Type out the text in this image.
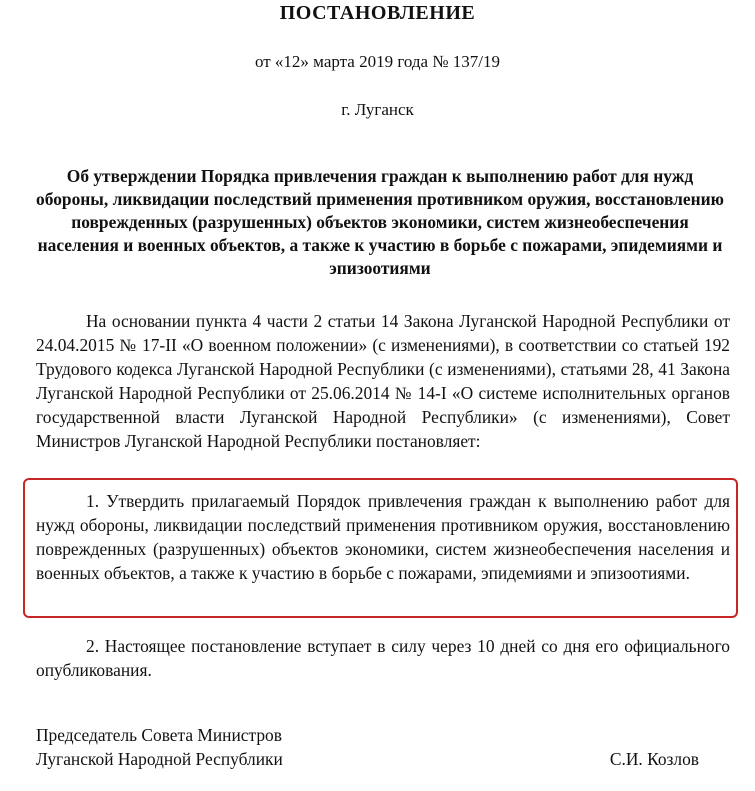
ПОСТАНОВЛЕНИЕ
от «12» марта 2019 года № 137/19
г. Луганск
Об утверждении Порядка привлечения граждан к выполнению работ для нужд обороны, ликвидации последствий применения противником оружия, восстановлению поврежденных (разрушенных) объектов экономики, систем жизнеобеспечения населения и военных объектов, а также к участию в борьбе с пожарами, эпидемиями и эпизоотиями
На основании пункта 4 части 2 статьи 14 Закона Луганской Народной Республики от 24.04.2015 № 17-II «О военном положении» (с изменениями), в соответствии со статьей 192 Трудового кодекса Луганской Народной Республики (с изменениями), статьями 28, 41 Закона Луганской Народной Республики от 25.06.2014 № 14-I «О системе исполнительных органов государственной власти Луганской Народной Республики» (с изменениями), Совет Министров Луганской Народной Республики постановляет:
1. Утвердить прилагаемый Порядок привлечения граждан к выполнению работ для нужд обороны, ликвидации последствий применения противником оружия, восстановлению поврежденных (разрушенных) объектов экономики, систем жизнеобеспечения населения и военных объектов, а также к участию в борьбе с пожарами, эпидемиями и эпизоотиями.
2. Настоящее постановление вступает в силу через 10 дней со дня его официального опубликования.
Председатель Совета Министров
Луганской Народной Республики	С.И. Козлов
